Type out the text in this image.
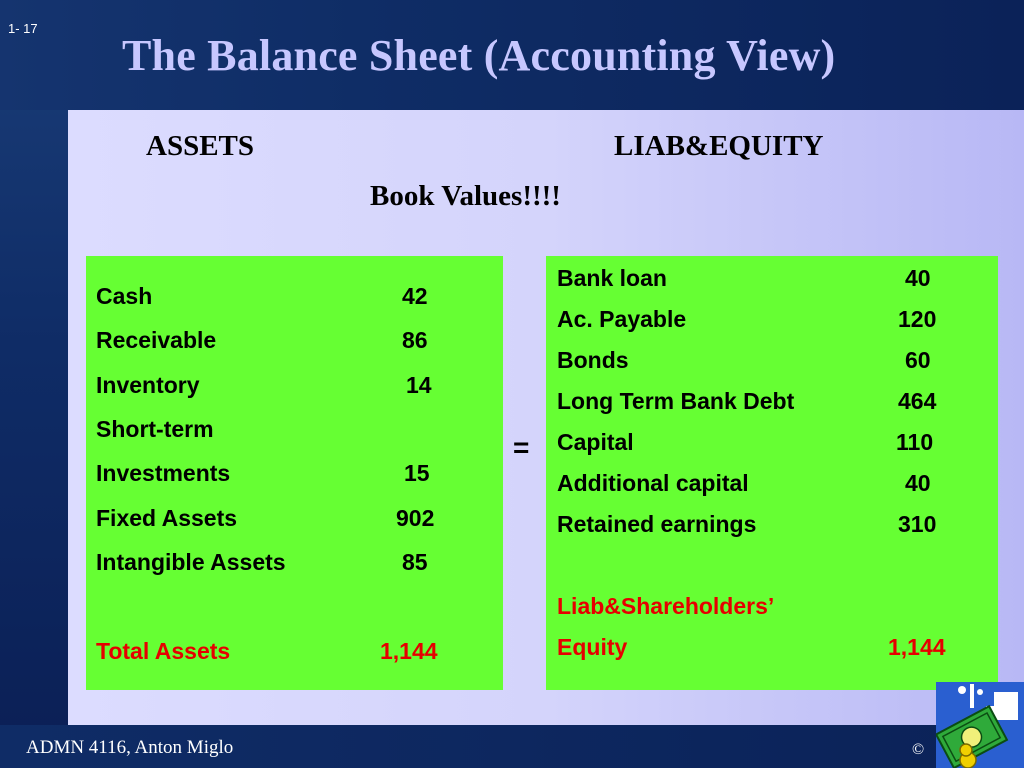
1- 17
The Balance Sheet (Accounting View)
ASSETS	LIAB&EQUITY
Book Values!!!!
Cash	42
Receivable	86
Inventory	14
Short-term
Investments	15
Fixed Assets	902
Intangible Assets	85
Total Assets	1,144
=
Bank loan	40
Ac. Payable	120
Bonds	60
Long Term Bank Debt	464
Capital	110
Additional capital	40
Retained earnings	310
Liab&Shareholders’
Equity	1,144
ADMN 4116, Anton Miglo	©
